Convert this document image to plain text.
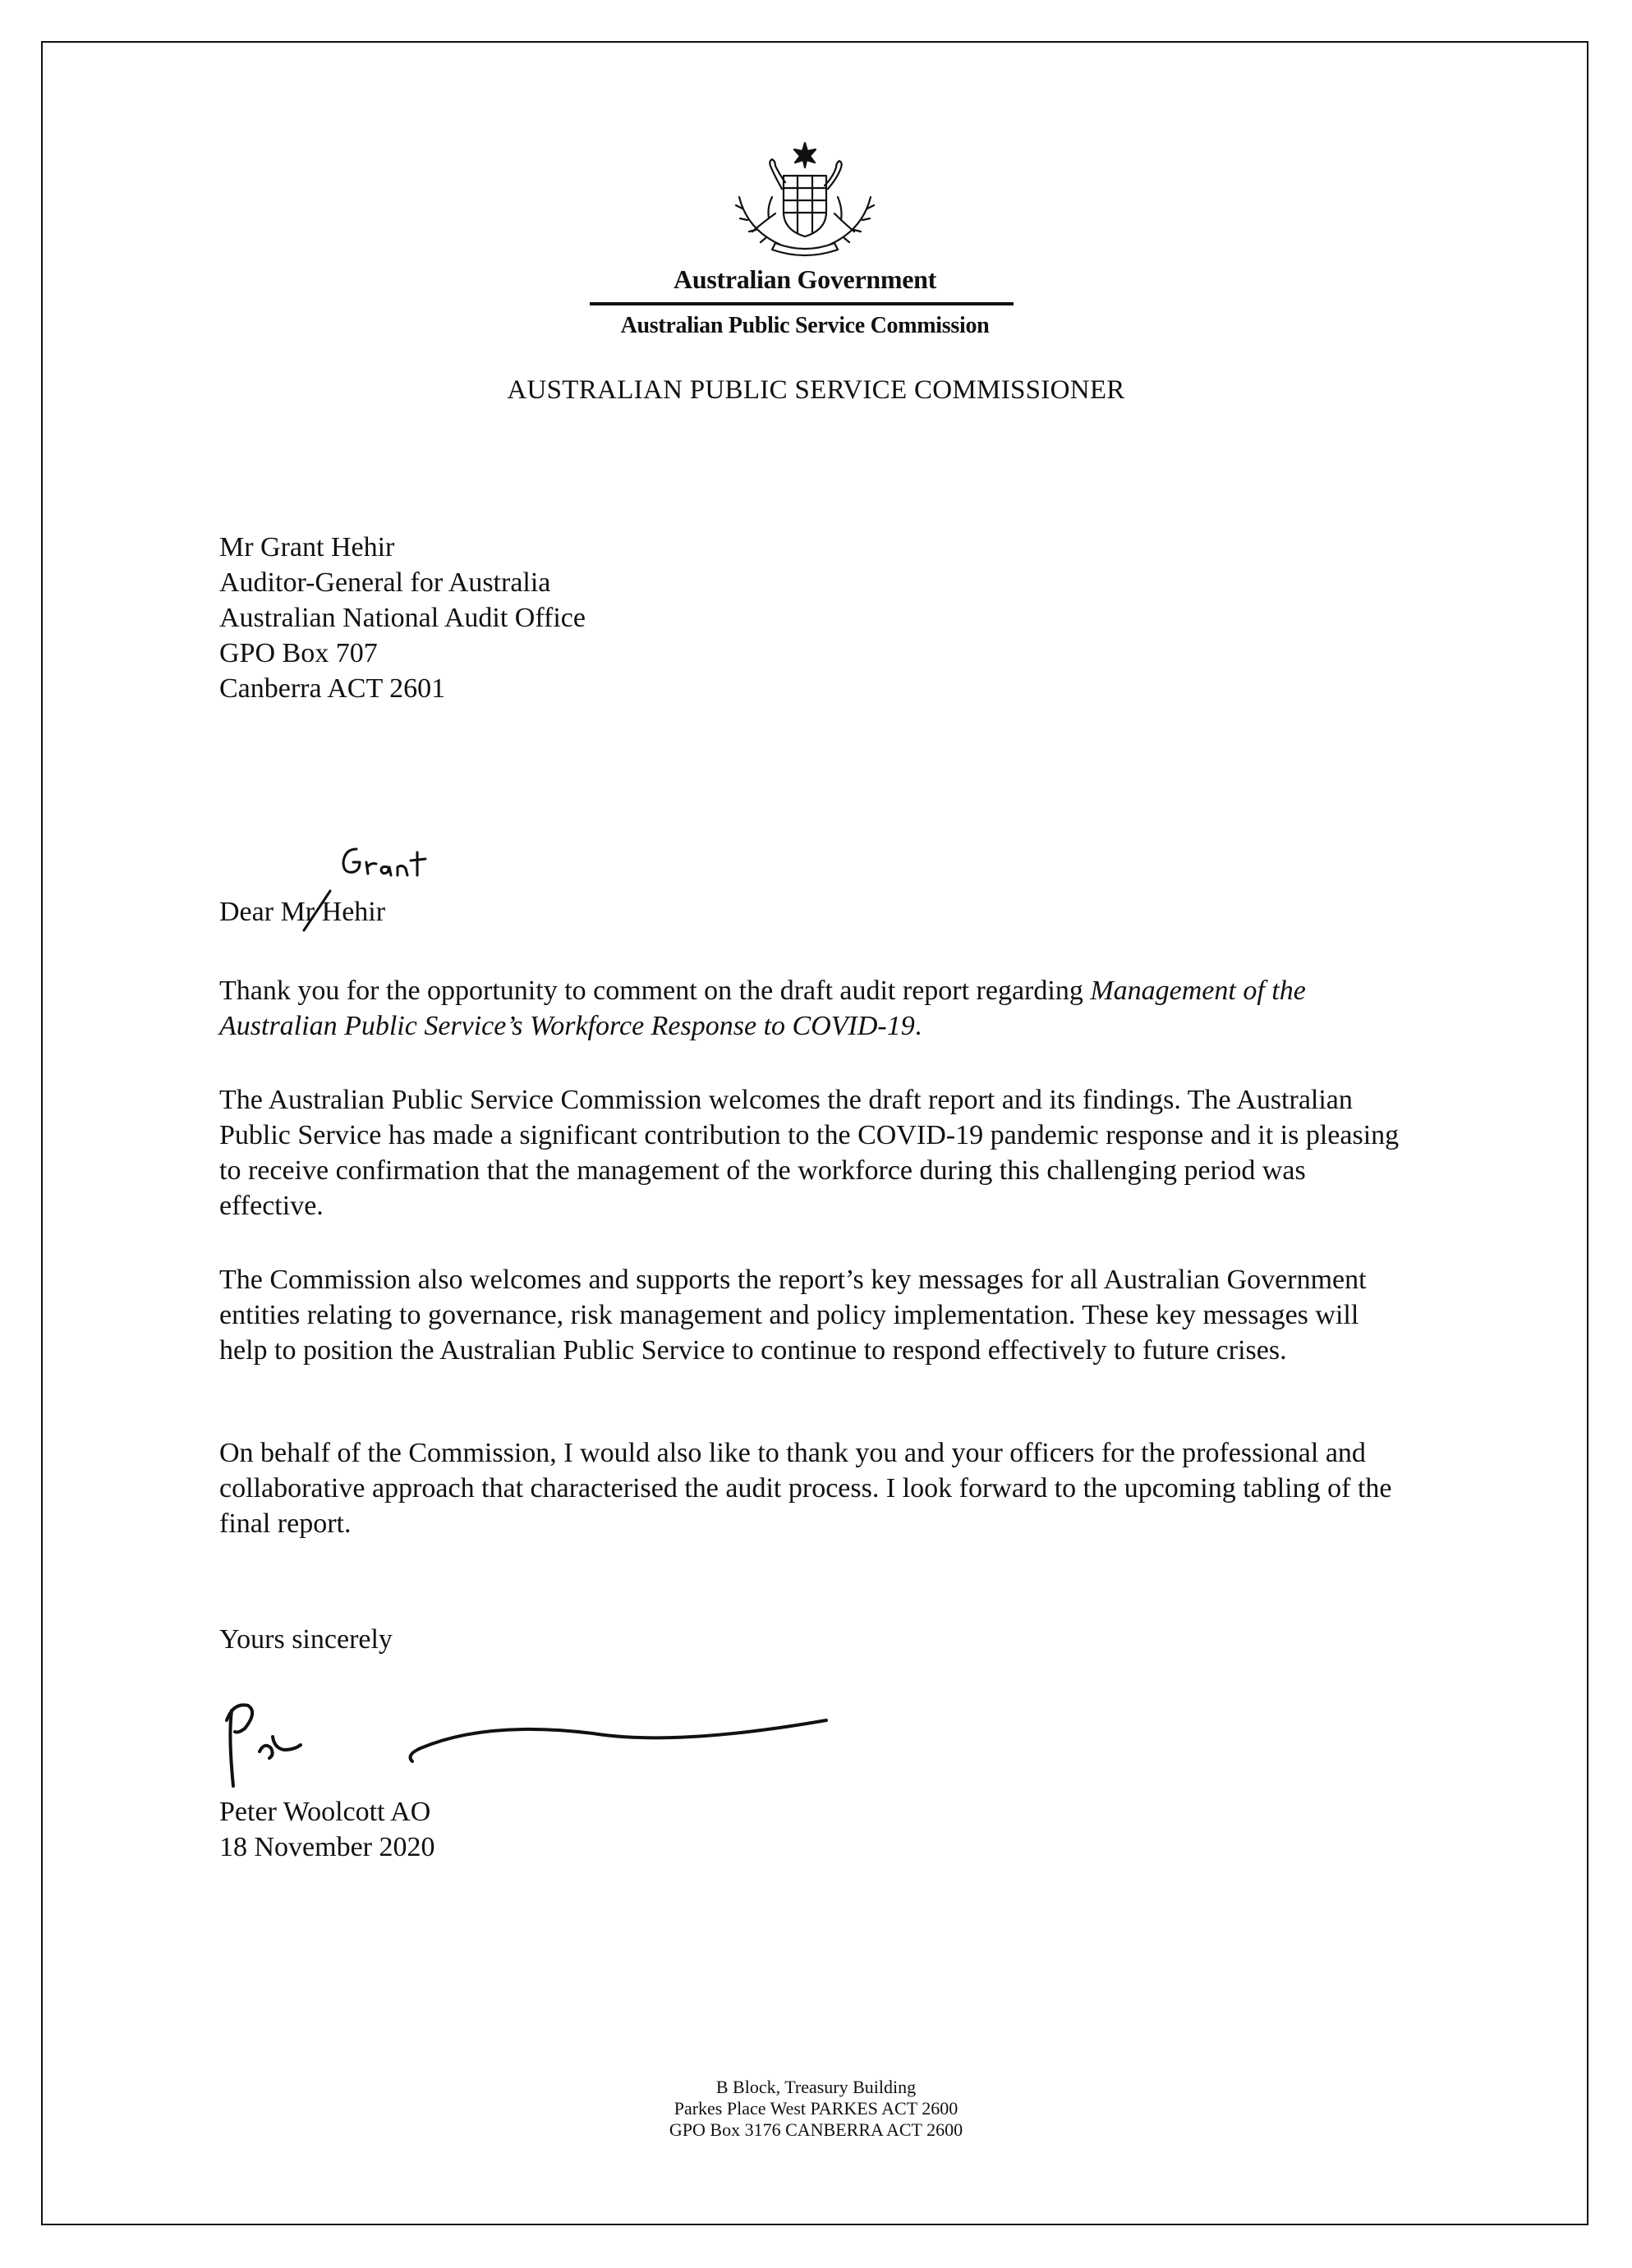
Australian Government
Australian Public Service Commission
AUSTRALIAN PUBLIC SERVICE COMMISSIONER
Mr Grant Hehir
Auditor-General for Australia
Australian National Audit Office
GPO Box 707
Canberra ACT 2601
Dear Mr H
ehir

Thank you for the opportunity to comment on the draft audit report regarding Management of the Australian Public Service’s Workforce Response to COVID-19.

The Australian Public Service Commission welcomes the draft report and its findings. The Australian Public Service has made a significant contribution to the COVID-19 pandemic response and it is pleasing to receive confirmation that the management of the workforce during this challenging period was effective.

The Commission also welcomes and supports the report’s key messages for all Australian Government entities relating to governance, risk management and policy implementation. These key messages will help to position the Australian Public Service to continue to respond effectively to future crises.

On behalf of the Commission, I would also like to thank you and your officers for the professional and collaborative approach that characterised the audit process. I look forward to the upcoming tabling of the final report.

Yours sincerely
Peter Woolcott AO
18 November 2020
B Block, Treasury Building
Parkes Place West PARKES ACT 2600
GPO Box 3176 CANBERRA ACT 2600
